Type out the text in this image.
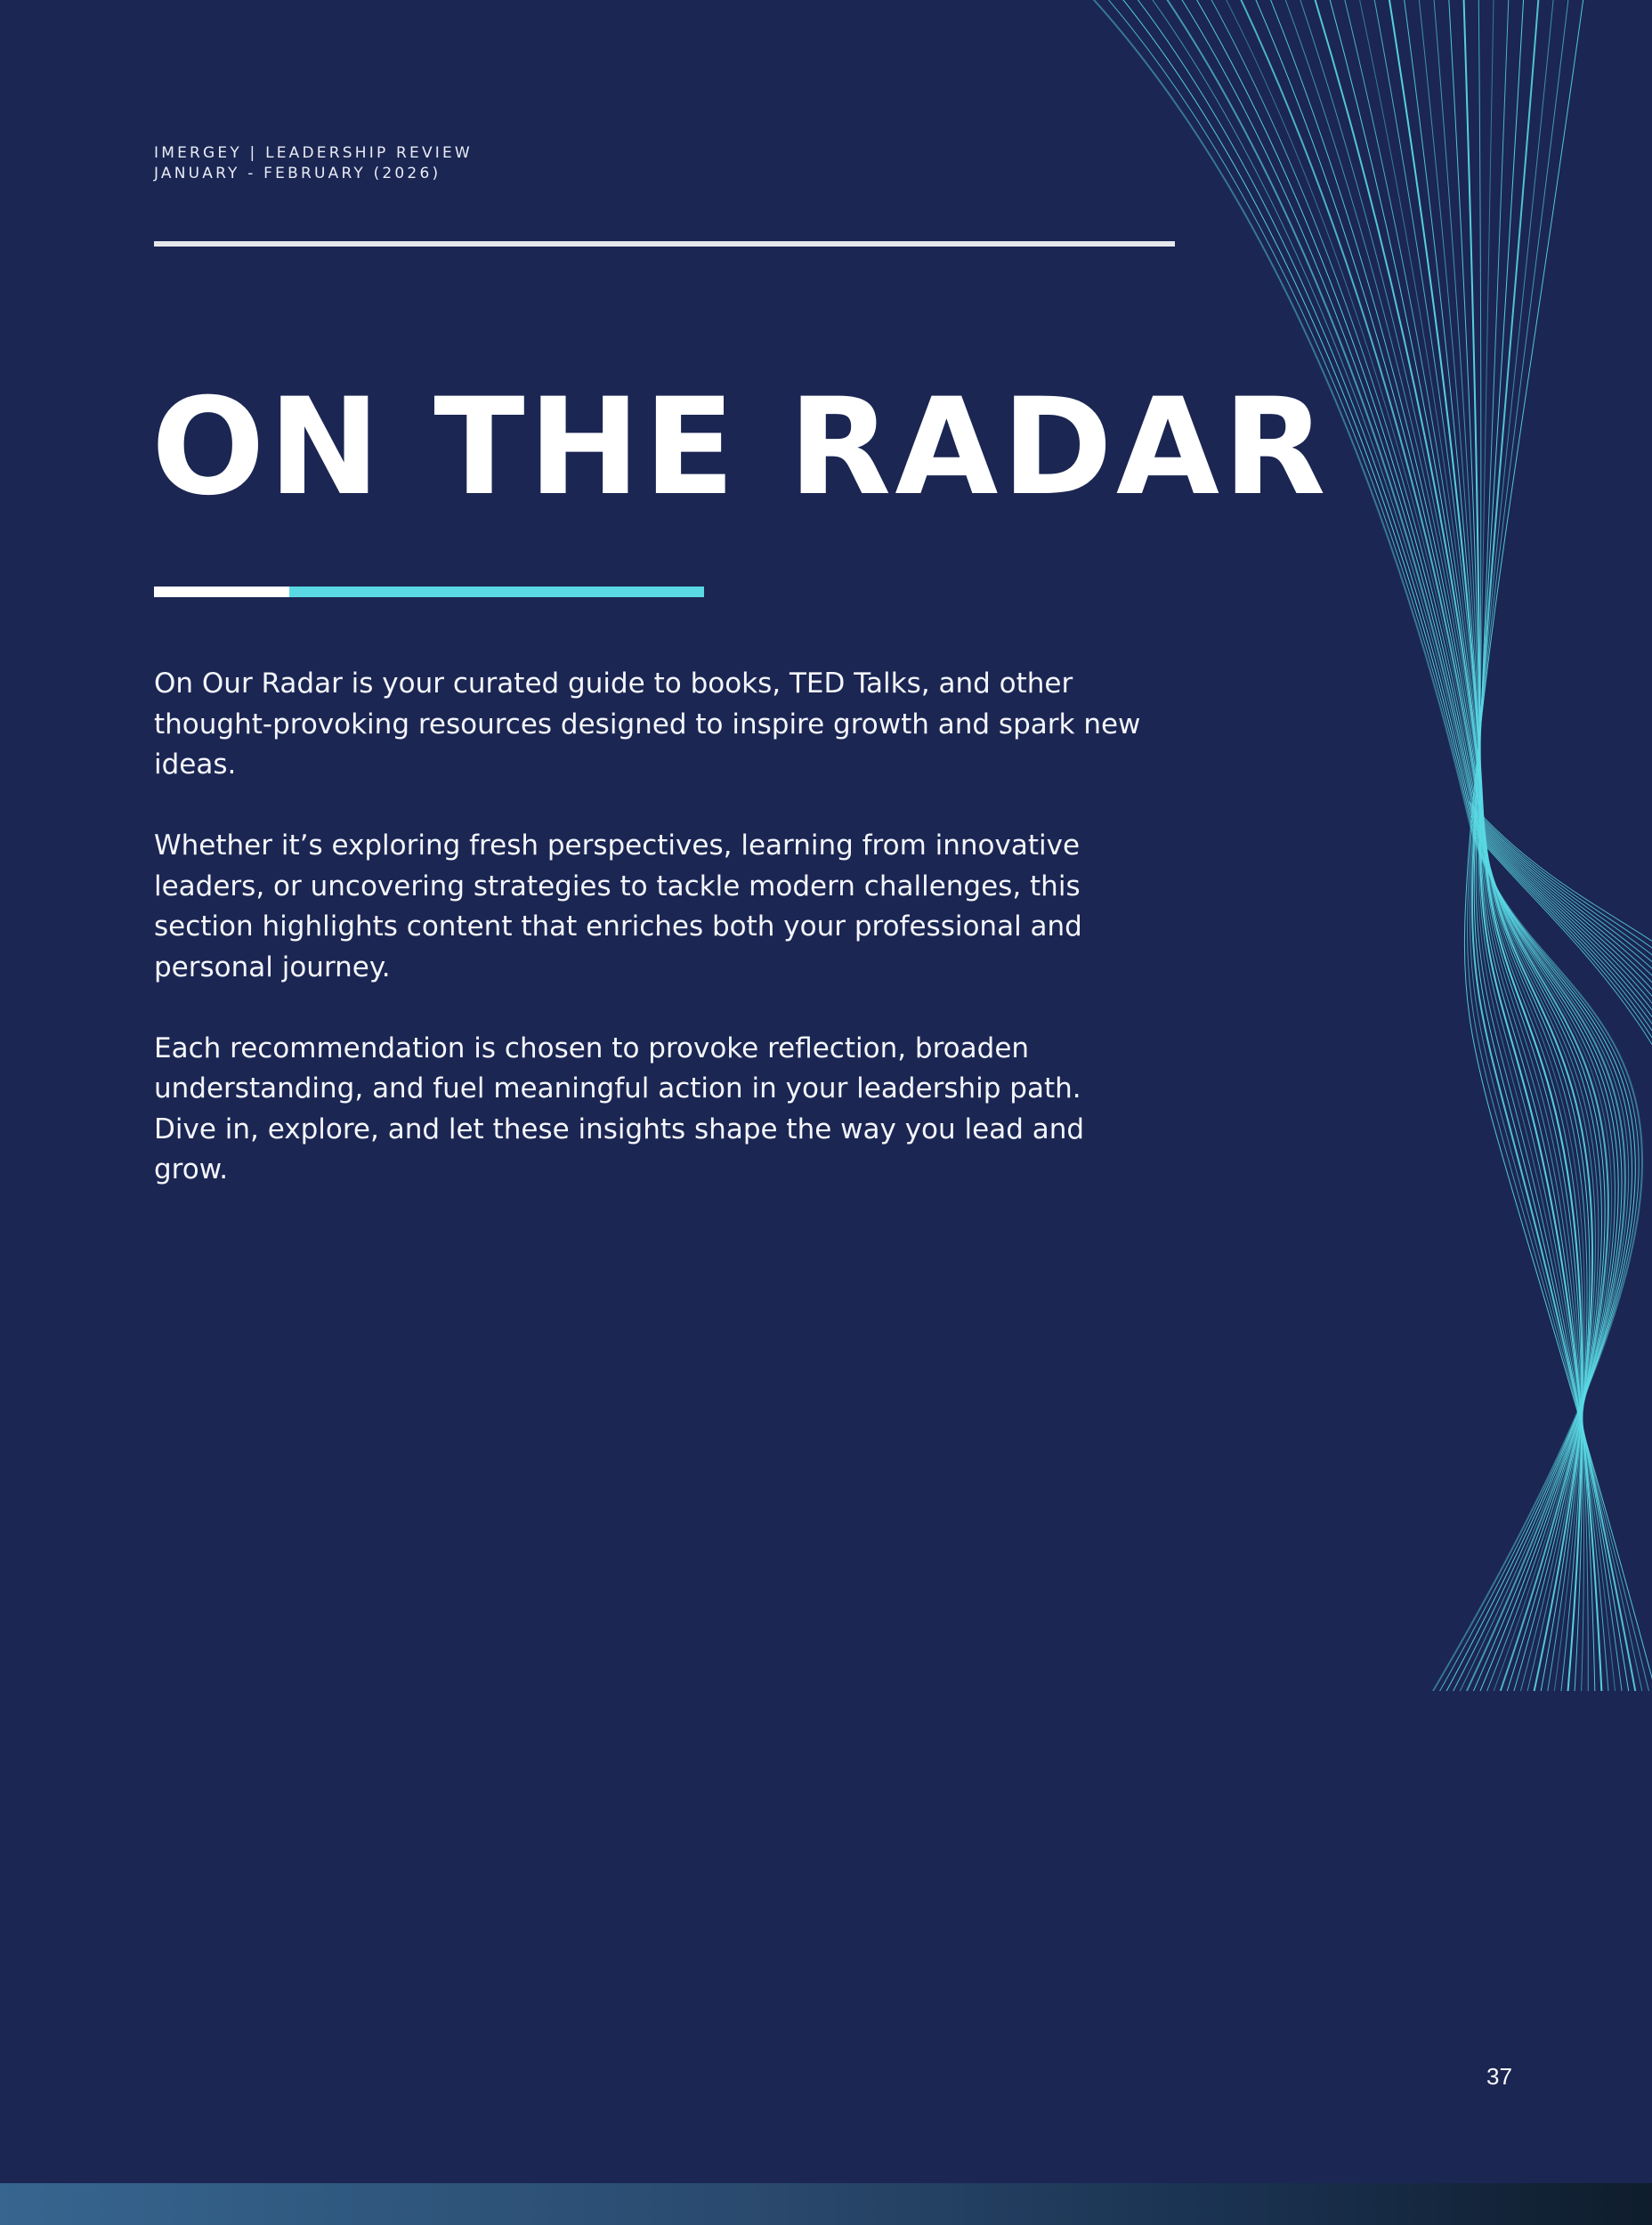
IMERGEY | LEADERSHIP REVIEW
JANUARY - FEBRUARY (2026)
ON THE RADAR

On Our Radar is your curated guide to books, TED Talks, and other thought-provoking resources designed to inspire growth and spark new ideas.

Whether it’s exploring fresh perspectives, learning from innovative leaders, or uncovering strategies to tackle modern challenges, this section highlights content that enriches both your professional and personal journey.

Each recommendation is chosen to provoke reflection, broaden understanding, and fuel meaningful action in your leadership path. Dive in, explore, and let these insights shape the way you lead and grow.

37
